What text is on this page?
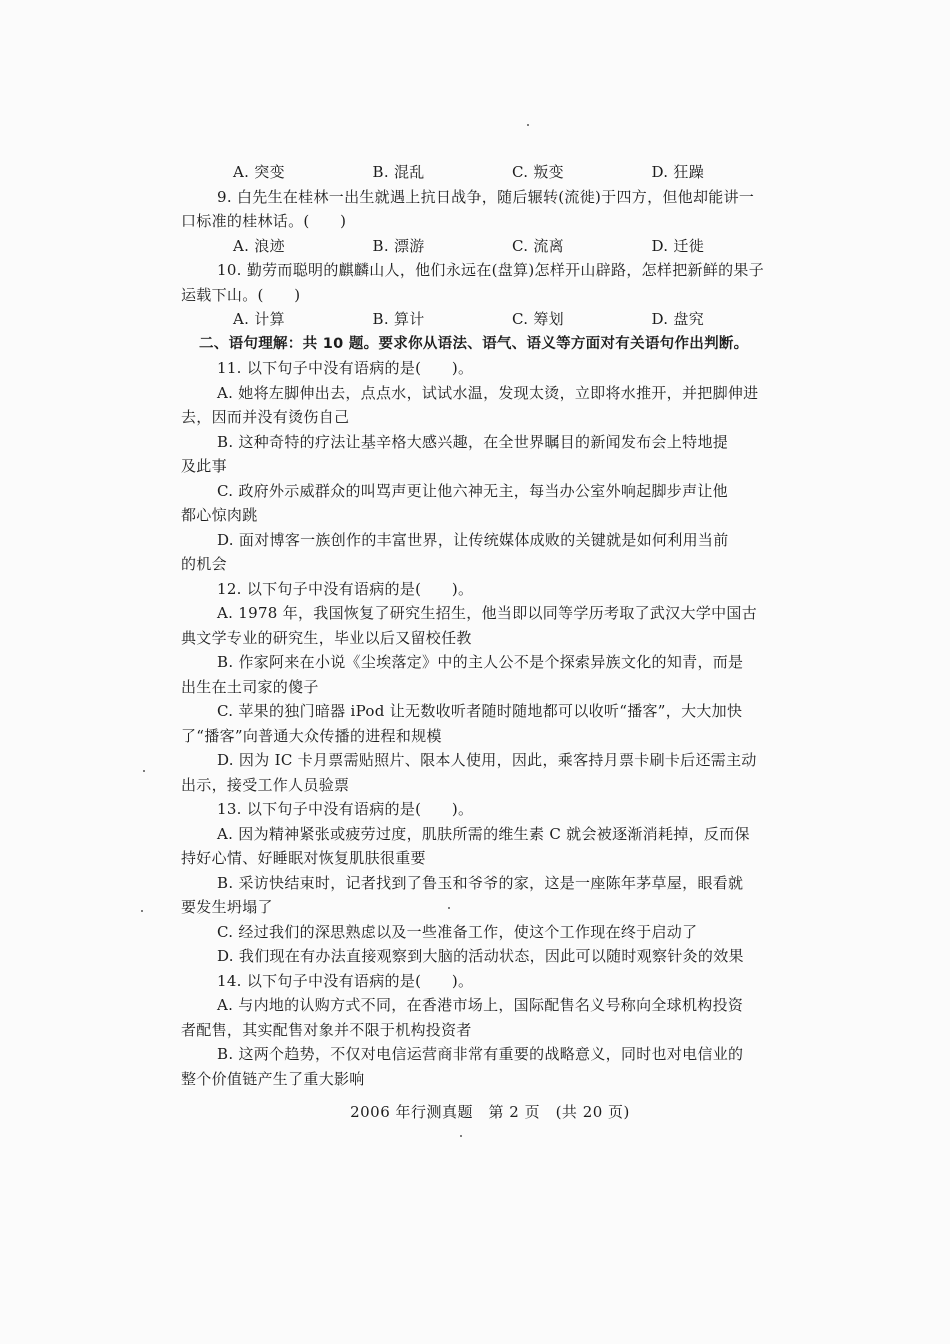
A. 突变	B. 混乱	C. 叛变	D. 狂躁
9. 白先生在桂林一出生就遇上抗日战争，随后辗转(流徙)于四方，但他却能讲一
口标准的桂林话。(　　)
A. 浪迹	B. 漂游	C. 流离	D. 迁徙
10. 勤劳而聪明的麒麟山人，他们永远在(盘算)怎样开山辟路，怎样把新鲜的果子
运载下山。(　　)
A. 计算	B. 算计	C. 筹划	D. 盘究
二、语句理解：共 10 题。要求你从语法、语气、语义等方面对有关语句作出判断。
11. 以下句子中没有语病的是(　　)。
A. 她将左脚伸出去，点点水，试试水温，发现太烫，立即将水推开，并把脚伸进
去，因而并没有烫伤自己
B. 这种奇特的疗法让基辛格大感兴趣，在全世界瞩目的新闻发布会上特地提
及此事
C. 政府外示威群众的叫骂声更让他六神无主，每当办公室外响起脚步声让他
都心惊肉跳
D. 面对博客一族创作的丰富世界，让传统媒体成败的关键就是如何利用当前
的机会
12. 以下句子中没有语病的是(　　)。
A. 1978 年，我国恢复了研究生招生，他当即以同等学历考取了武汉大学中国古
典文学专业的研究生，毕业以后又留校任教
B. 作家阿来在小说《尘埃落定》中的主人公不是个探索异族文化的知青，而是
出生在土司家的傻子
C. 苹果的独门暗器 iPod 让无数收听者随时随地都可以收听“播客”，大大加快
了“播客”向普通大众传播的进程和规模
D. 因为 IC 卡月票需贴照片、限本人使用，因此，乘客持月票卡刷卡后还需主动
出示，接受工作人员验票
13. 以下句子中没有语病的是(　　)。
A. 因为精神紧张或疲劳过度，肌肤所需的维生素 C 就会被逐渐消耗掉，反而保
持好心情、好睡眠对恢复肌肤很重要
B. 采访快结束时，记者找到了鲁玉和爷爷的家，这是一座陈年茅草屋，眼看就
要发生坍塌了
C. 经过我们的深思熟虑以及一些准备工作，使这个工作现在终于启动了
D. 我们现在有办法直接观察到大脑的活动状态，因此可以随时观察针灸的效果
14. 以下句子中没有语病的是(　　)。
A. 与内地的认购方式不同，在香港市场上，国际配售名义号称向全球机构投资
者配售，其实配售对象并不限于机构投资者
B. 这两个趋势，不仅对电信运营商非常有重要的战略意义，同时也对电信业的
整个价值链产生了重大影响
2006 年行测真题　第 2 页　(共 20 页)
